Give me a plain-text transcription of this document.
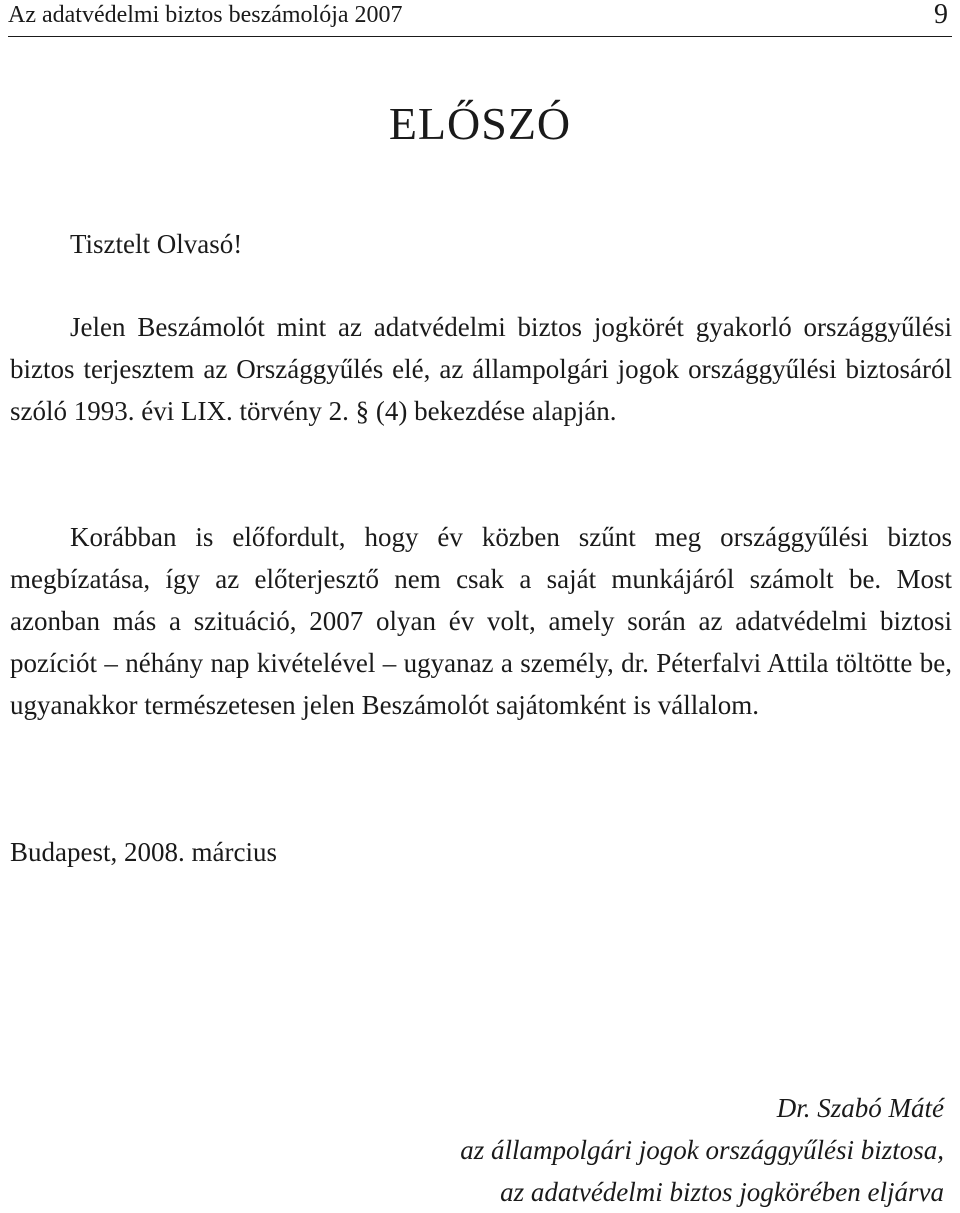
Az adatvédelmi biztos beszámolója 2007	9
ELŐSZÓ
Tisztelt Olvasó!

Jelen Beszámolót mint az adatvédelmi biztos jogkörét gyakorló országgyűlési biztos terjesztem az Országgyűlés elé, az állampolgári jogok országgyűlési biztosáról szóló 1993. évi LIX. törvény 2. § (4) bekezdése alapján.

Korábban is előfordult, hogy év közben szűnt meg országgyűlési biztos megbízatása, így az előterjesztő nem csak a saját munkájáról számolt be. Most azonban más a szituáció, 2007 olyan év volt, amely során az adatvédelmi biztosi pozíciót – néhány nap kivételével – ugyanaz a személy, dr. Péterfalvi Attila töltötte be, ugyanakkor természetesen jelen Beszámolót sajátomként is vállalom.

Budapest, 2008. március
Dr. Szabó Máté
az állampolgári jogok országgyűlési biztosa,
az adatvédelmi biztos jogkörében eljárva
